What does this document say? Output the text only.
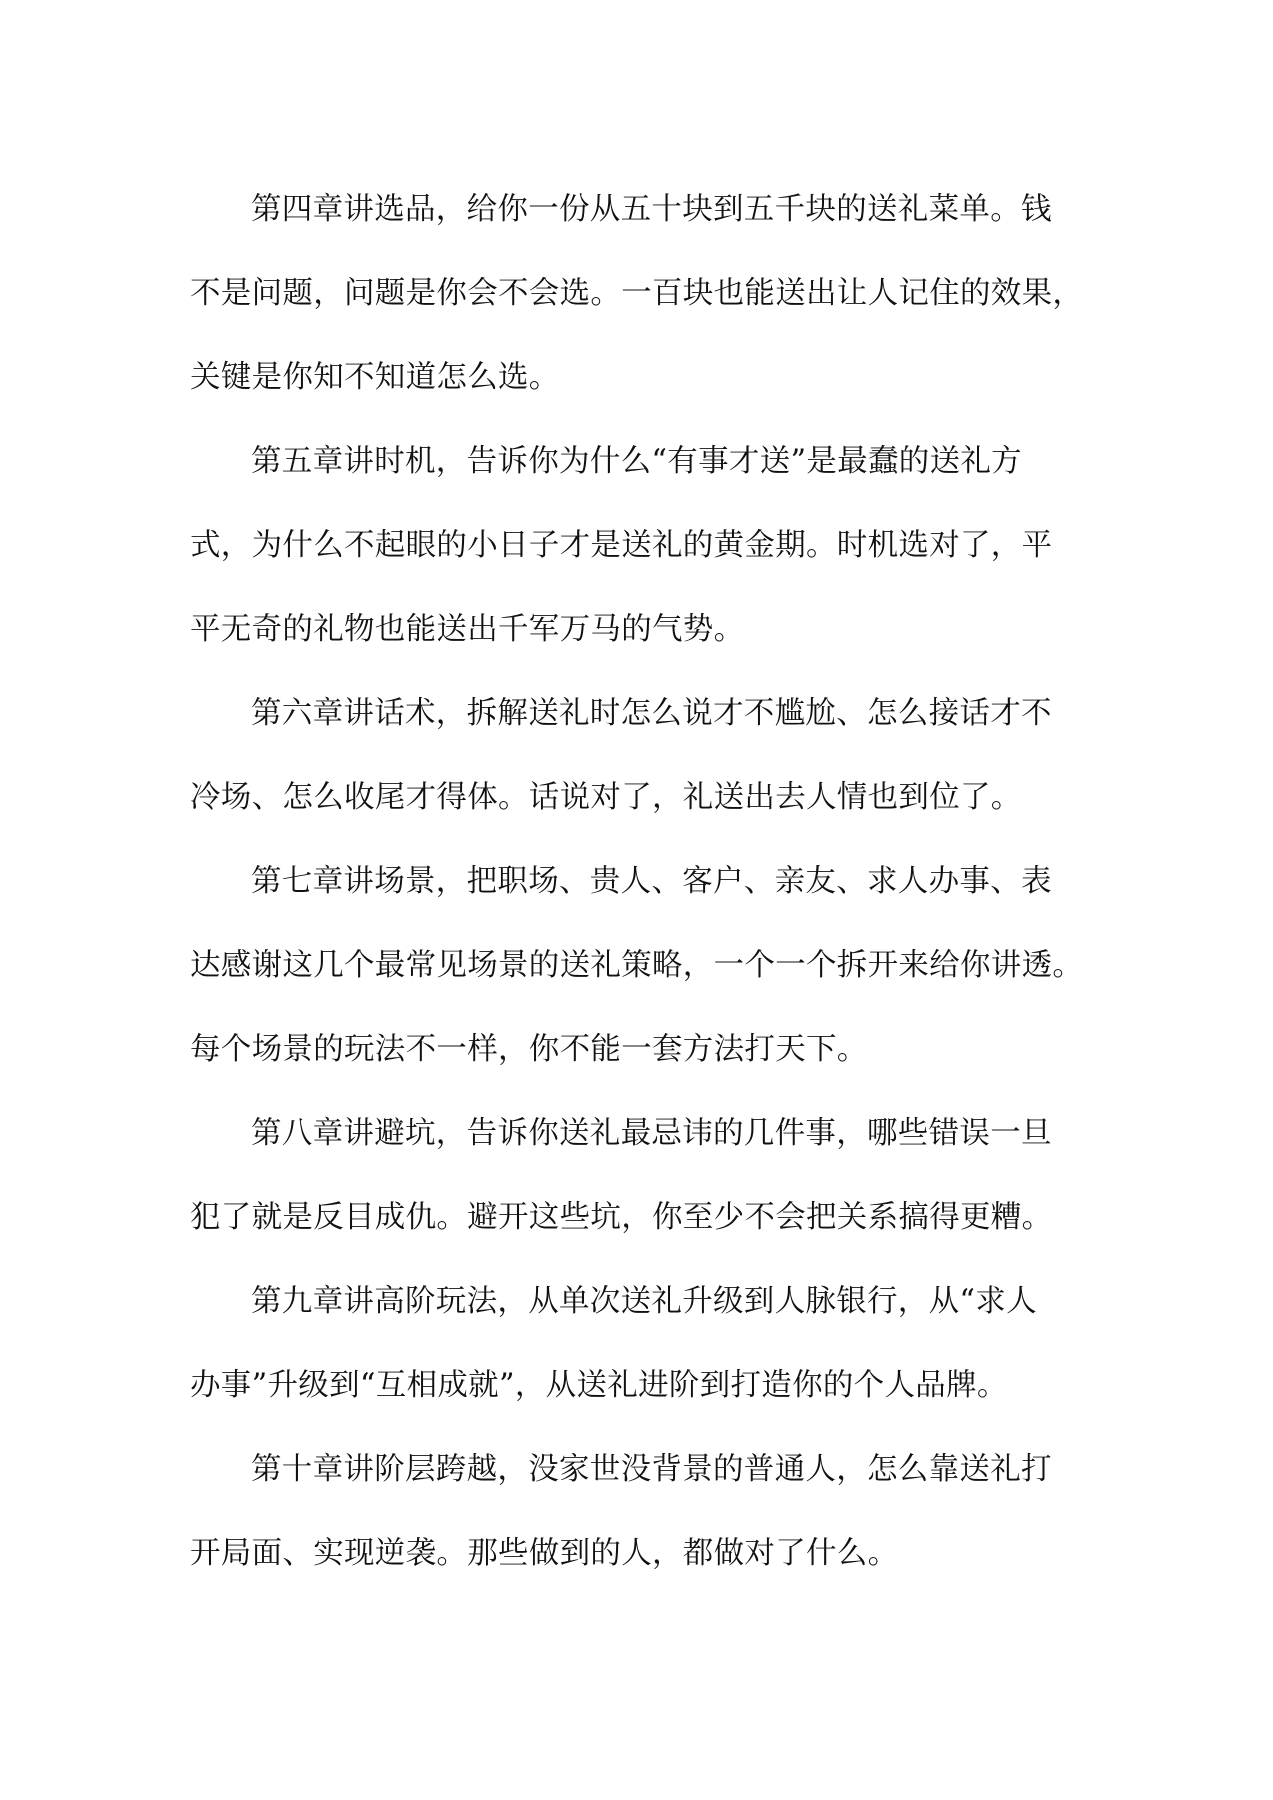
第四章讲选品，给你一份从五十块到五千块的送礼菜单。钱
不是问题，问题是你会不会选。一百块也能送出让人记住的效果，
关键是你知不知道怎么选。

第五章讲时机，告诉你为什么“有事才送”是最蠢的送礼方
式，为什么不起眼的小日子才是送礼的黄金期。时机选对了，平
平无奇的礼物也能送出千军万马的气势。

第六章讲话术，拆解送礼时怎么说才不尴尬、怎么接话才不
冷场、怎么收尾才得体。话说对了，礼送出去人情也到位了。

第七章讲场景，把职场、贵人、客户、亲友、求人办事、表
达感谢这几个最常见场景的送礼策略，一个一个拆开来给你讲透。
每个场景的玩法不一样，你不能一套方法打天下。

第八章讲避坑，告诉你送礼最忌讳的几件事，哪些错误一旦
犯了就是反目成仇。避开这些坑，你至少不会把关系搞得更糟。

第九章讲高阶玩法，从单次送礼升级到人脉银行，从“求人
办事”升级到“互相成就”，从送礼进阶到打造你的个人品牌。

第十章讲阶层跨越，没家世没背景的普通人，怎么靠送礼打
开局面、实现逆袭。那些做到的人，都做对了什么。
